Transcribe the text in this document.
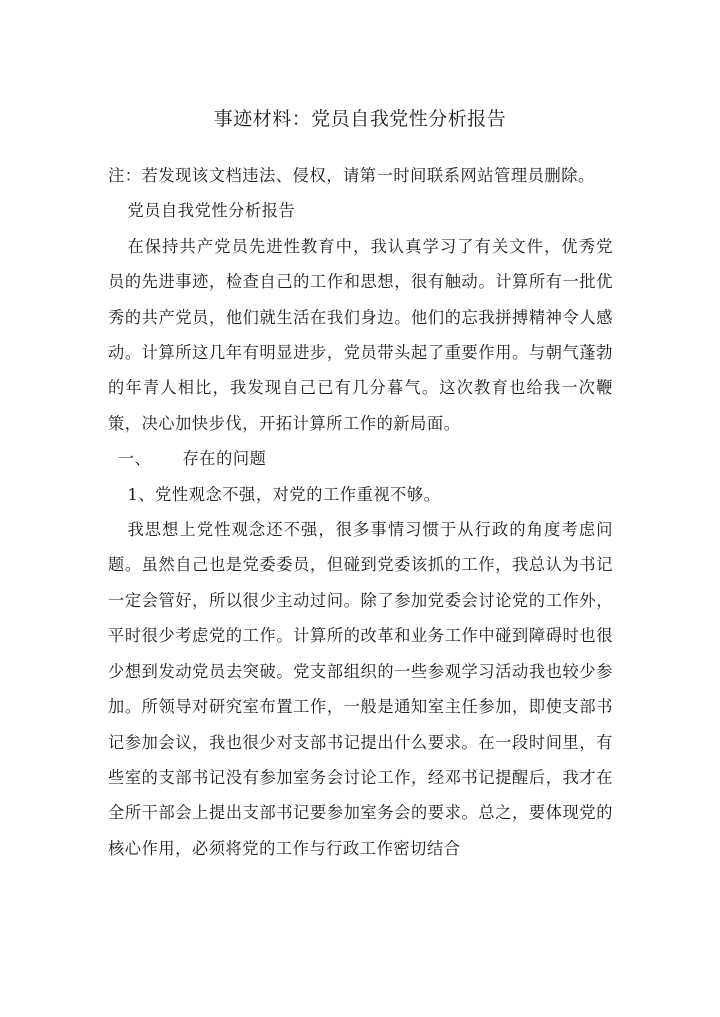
事迹材料：党员自我党性分析报告

注：若发现该文档违法、侵权，请第一时间联系网站管理员删除。

党员自我党性分析报告

在保持共产党员先进性教育中，我认真学习了有关文件，优秀党员的先进事迹，检查自己的工作和思想，很有触动。计算所有一批优秀的共产党员，他们就生活在我们身边。他们的忘我拼搏精神令人感动。计算所这几年有明显进步，党员带头起了重要作用。与朝气蓬勃的年青人相比，我发现自己已有几分暮气。这次教育也给我一次鞭策，决心加快步伐，开拓计算所工作的新局面。

一、 存在的问题

1、党性观念不强，对党的工作重视不够。

我思想上党性观念还不强，很多事情习惯于从行政的角度考虑问题。虽然自己也是党委委员，但碰到党委该抓的工作，我总认为书记一定会管好，所以很少主动过问。除了参加党委会讨论党的工作外，平时很少考虑党的工作。计算所的改革和业务工作中碰到障碍时也很少想到发动党员去突破。党支部组织的一些参观学习活动我也较少参加。所领导对研究室布置工作，一般是通知室主任参加，即使支部书记参加会议，我也很少对支部书记提出什么要求。在一段时间里，有些室的支部书记没有参加室务会讨论工作，经邓书记提醒后，我才在全所干部会上提出支部书记要参加室务会的要求。总之，要体现党的核心作用，必须将党的工作与行政工作密切结合
